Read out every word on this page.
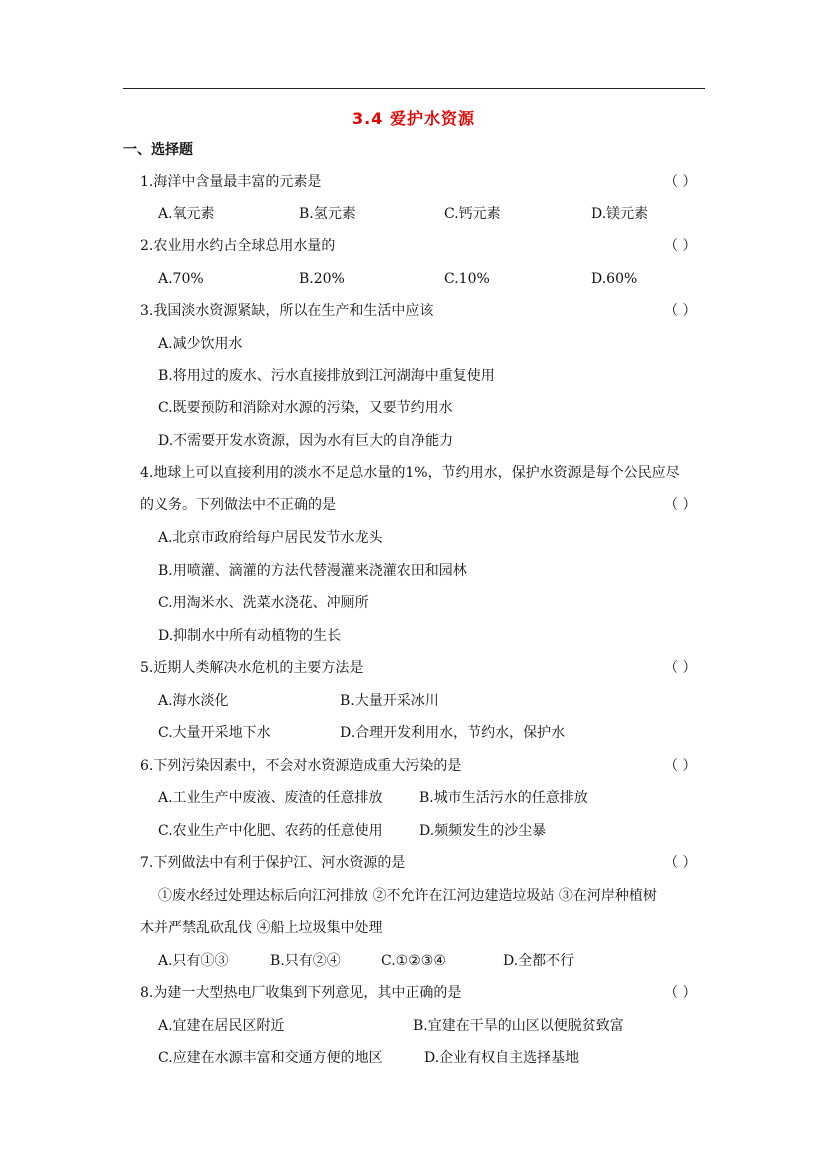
3.4 爱护水资源
一、选择题
1.海洋中含量最丰富的元素是	（ ）
A.氧元素	B.氢元素	C.钙元素	D.镁元素
2.农业用水约占全球总用水量的	（ ）
A.70%	B.20%	C.10%	D.60%
3.我国淡水资源紧缺，所以在生产和生活中应该	（ ）
A.减少饮用水
B.将用过的废水、污水直接排放到江河湖海中重复使用
C.既要预防和消除对水源的污染，又要节约用水
D.不需要开发水资源，因为水有巨大的自净能力
4.地球上可以直接利用的淡水不足总水量的1%，节约用水，保护水资源是每个公民应尽
的义务。下列做法中不正确的是	（ ）
A.北京市政府给每户居民发节水龙头
B.用喷灌、滴灌的方法代替漫灌来浇灌农田和园林
C.用淘米水、洗菜水浇花、冲厕所
D.抑制水中所有动植物的生长
5.近期人类解决水危机的主要方法是	（ ）
A.海水淡化	B.大量开采冰川
C.大量开采地下水	D.合理开发利用水，节约水，保护水
6.下列污染因素中，不会对水资源造成重大污染的是	（ ）
A.工业生产中废液、废渣的任意排放	B.城市生活污水的任意排放
C.农业生产中化肥、农药的任意使用	D.频频发生的沙尘暴
7.下列做法中有利于保护江、河水资源的是	（ ）
①废水经过处理达标后向江河排放 ②不允许在江河边建造垃圾站 ③在河岸种植树
木并严禁乱砍乱伐 ④船上垃圾集中处理
A.只有①③	B.只有②④	C.①②③④	D.全都不行
8.为建一大型热电厂收集到下列意见，其中正确的是	（ ）
A.宜建在居民区附近	B.宜建在干旱的山区以便脱贫致富
C.应建在水源丰富和交通方便的地区	D.企业有权自主选择基地
